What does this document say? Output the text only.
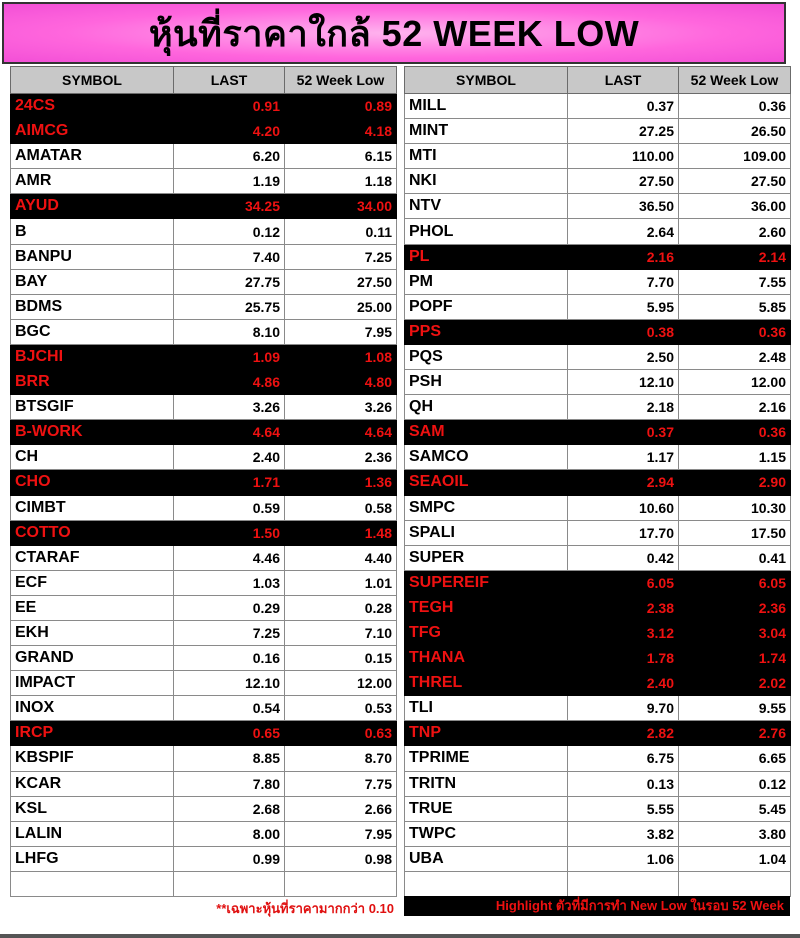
หุ้นที่ราคาใกล้ 52 WEEK LOW
SYMBOL	LAST	52 Week Low
24CS	0.91	0.89
AIMCG	4.20	4.18
AMATAR	6.20	6.15
AMR	1.19	1.18
AYUD	34.25	34.00
B	0.12	0.11
BANPU	7.40	7.25
BAY	27.75	27.50
BDMS	25.75	25.00
BGC	8.10	7.95
BJCHI	1.09	1.08
BRR	4.86	4.80
BTSGIF	3.26	3.26
B-WORK	4.64	4.64
CH	2.40	2.36
CHO	1.71	1.36
CIMBT	0.59	0.58
COTTO	1.50	1.48
CTARAF	4.46	4.40
ECF	1.03	1.01
EE	0.29	0.28
EKH	7.25	7.10
GRAND	0.16	0.15
IMPACT	12.10	12.00
INOX	0.54	0.53
IRCP	0.65	0.63
KBSPIF	8.85	8.70
KCAR	7.80	7.75
KSL	2.68	2.66
LALIN	8.00	7.95
LHFG	0.99	0.98

SYMBOL	LAST	52 Week Low
MILL	0.37	0.36
MINT	27.25	26.50
MTI	110.00	109.00
NKI	27.50	27.50
NTV	36.50	36.00
PHOL	2.64	2.60
PL	2.16	2.14
PM	7.70	7.55
POPF	5.95	5.85
PPS	0.38	0.36
PQS	2.50	2.48
PSH	12.10	12.00
QH	2.18	2.16
SAM	0.37	0.36
SAMCO	1.17	1.15
SEAOIL	2.94	2.90
SMPC	10.60	10.30
SPALI	17.70	17.50
SUPER	0.42	0.41
SUPEREIF	6.05	6.05
TEGH	2.38	2.36
TFG	3.12	3.04
THANA	1.78	1.74
THREL	2.40	2.02
TLI	9.70	9.55
TNP	2.82	2.76
TPRIME	6.75	6.65
TRITN	0.13	0.12
TRUE	5.55	5.45
TWPC	3.82	3.80
UBA	1.06	1.04

**เฉพาะหุ้นที่ราคามากกว่า 0.10	Highlight ตัวที่มีการทำ New Low ในรอบ 52 Week
